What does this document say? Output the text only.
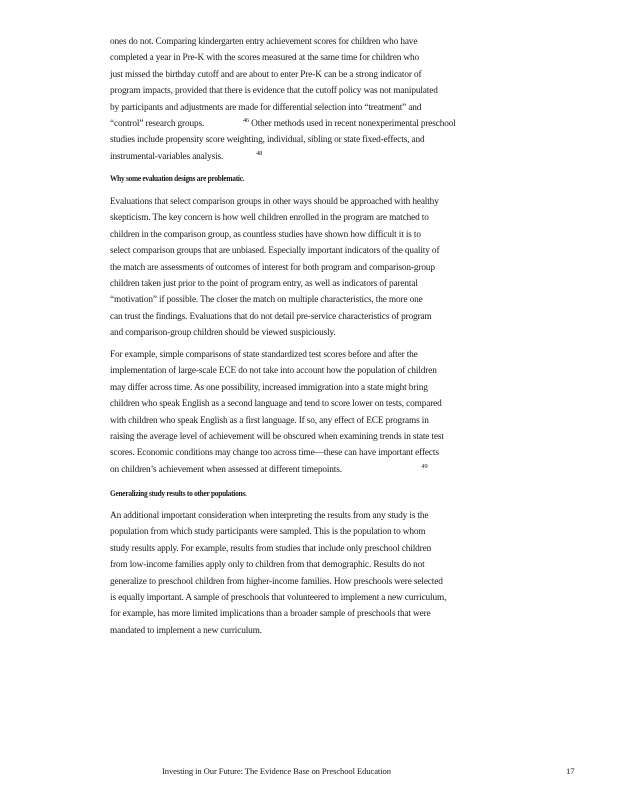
ones do not. Comparing kindergarten entry achievement scores for children who have
completed a year in Pre-K with the scores measured at the same time for children who
just missed the birthday cutoff and are about to enter Pre-K can be a strong indicator of
program impacts, provided that there is evidence that the cutoff policy was not manipulated
by participants and adjustments are made for differential selection into “treatment” and
“control” research groups.	$^{46}$ Other methods used in recent nonexperimental preschool
studies include propensity score weighting, individual, sibling or state fixed-effects, and
instrumental-variables analysis.	$^{48}$
Why some evaluation designs are problematic.
Evaluations that select comparison groups in other ways should be approached with healthy
skepticism. The key concern is how well children enrolled in the program are matched to
children in the comparison group, as countless studies have shown how difficult it is to
select comparison groups that are unbiased. Especially important indicators of the quality of
the match are assessments of outcomes of interest for both program and comparison-group
children taken just prior to the point of program entry, as well as indicators of parental
“motivation” if possible. The closer the match on multiple characteristics, the more one
can trust the findings. Evaluations that do not detail pre-service characteristics of program
and comparison-group children should be viewed suspiciously.
For example, simple comparisons of state standardized test scores before and after the
implementation of large-scale ECE do not take into account how the population of children
may differ across time. As one possibility, increased immigration into a state might bring
children who speak English as a second language and tend to score lower on tests, compared
with children who speak English as a first language. If so, any effect of ECE programs in
raising the average level of achievement will be obscured when examining trends in state test
scores. Economic conditions may change too across time—these can have important effects
on children’s achievement when assessed at different timepoints.	$^{49}$
Generalizing study results to other populations.
An additional important consideration when interpreting the results from any study is the
population from which study participants were sampled. This is the population to whom
study results apply. For example, results from studies that include only preschool children
from low-income families apply only to children from that demographic. Results do not
generalize to preschool children from higher-income families. How preschools were selected
is equally important. A sample of preschools that volunteered to implement a new curriculum,
for example, has more limited implications than a broader sample of preschools that were
mandated to implement a new curriculum.
Investing in Our Future: The Evidence Base on Preschool Education	17
